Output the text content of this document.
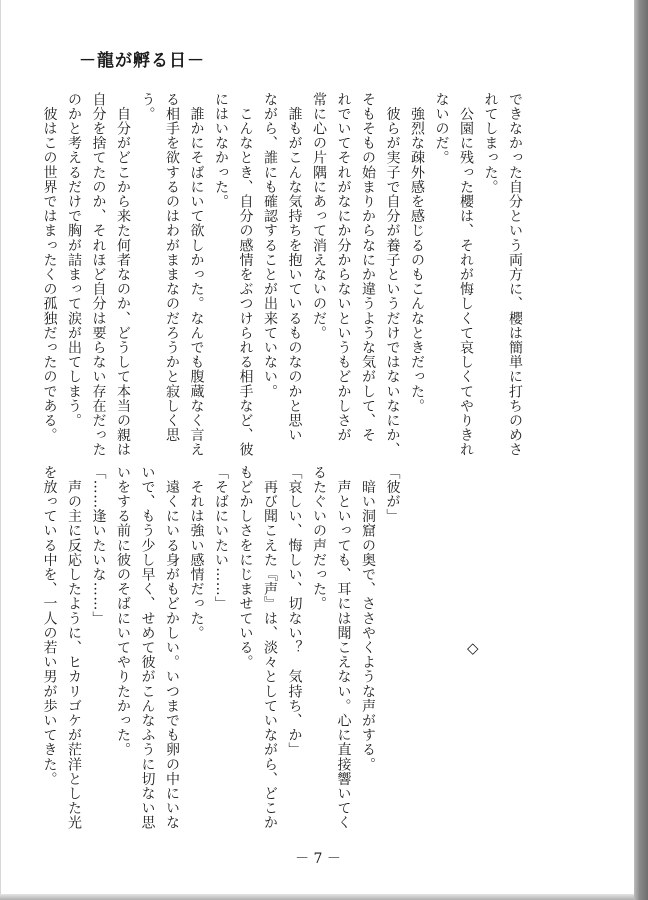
－龍が孵る日－

できなかった自分という両方に、櫻は簡単に打ちのめさ

れてしまった。

　公園に残った櫻は、それが悔しくて哀しくてやりきれ

ないのだ。

　強烈な疎外感を感じるのもこんなときだった。

　彼らが実子で自分が養子というだけではないなにか、

そもそもの始まりからなにか違うような気がして、そ

れでいてそれがなにか分からないというもどかしさが

常に心の片隅にあって消えないのだ。

　誰もがこんな気持ちを抱いているものなのかと思い

ながら、誰にも確認することが出来ていない。

　こんなとき、自分の感情をぶつけられる相手など、彼

にはいなかった。

　誰かにそばにいて欲しかった。なんでも腹蔵なく言え

る相手を欲するのはわがままなのだろうかと寂しく思

う。

　自分がどこから来た何者なのか、どうして本当の親は

自分を捨てたのか、それほど自分は要らない存在だった

のかと考えるだけで胸が詰まって涙が出てしまう。

　彼はこの世界ではまったくの孤独だったのである。

◇

「彼が」

　暗い洞窟の奥で、ささやくような声がする。

　声といっても、耳には聞こえない。心に直接響いてく

るたぐいの声だった。

「哀しい、悔しい、切ない？　気持ち、か」

　再び聞こえた『声』は、淡々としていながら、どこか

もどかしさをにじませている。

「そばにいたい……」

　それは強い感情だった。

　遠くにいる身がもどかしい。いつまでも卵の中にいな

いで、もう少し早く、せめて彼がこんなふうに切ない思

いをする前に彼のそばにいてやりたかった。

「……逢いたいな……」

　声の主に反応したように、ヒカリゴケが茫洋とした光

を放っている中を、一人の若い男が歩いてきた。

－ 7 －
